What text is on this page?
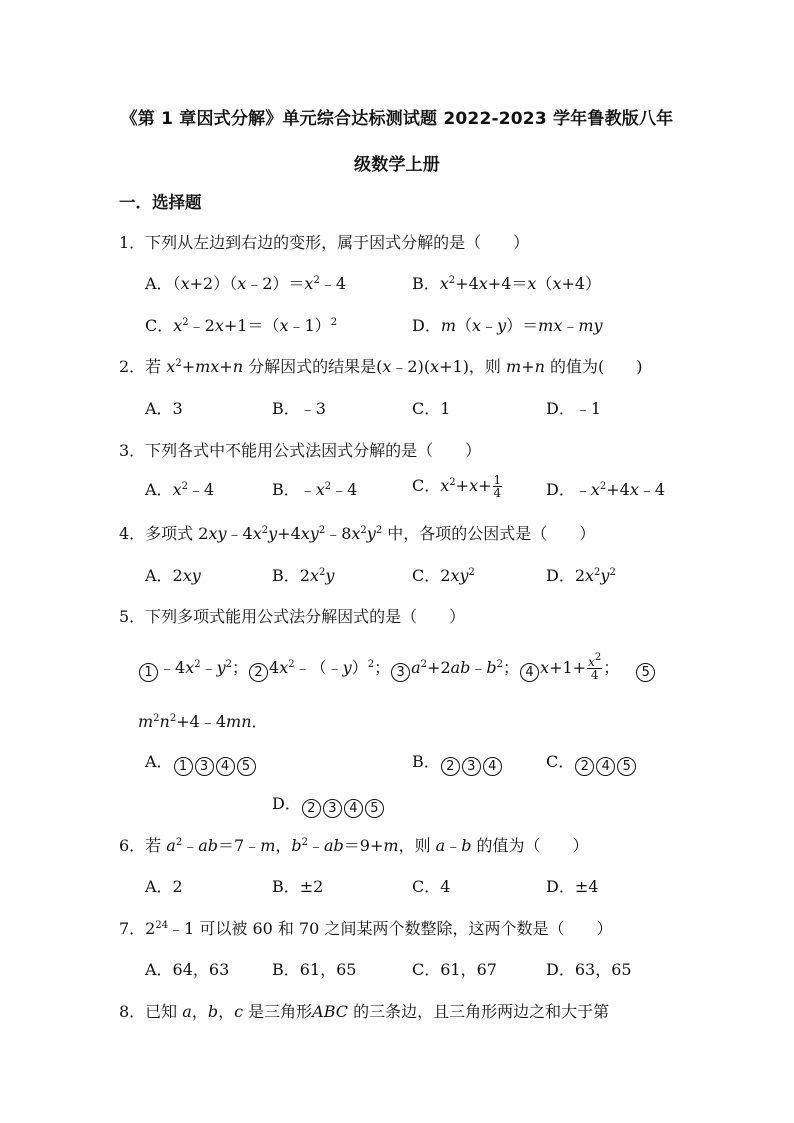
《第 1 章因式分解》单元综合达标测试题 2022-2023 学年鲁教版八年
级数学上册
一．选择题
1．下列从左边到右边的变形，属于因式分解的是（　　）
A．$(x+2)(x﹣2)=x^2﹣4$	B．$x^2+4x+4=x(x+4)$
C．$x^2﹣2x+1=(x﹣1)^2$	D．m（x﹣y）＝mx﹣my
2．若 $x^2+mx+n$ 分解因式的结果是(x﹣2)(x+1)，则 m+n 的值为(　　)
A．3	B．﹣3	C．1	D．﹣1
3．下列各式中不能用公式法因式分解的是（　　）
A．$x^2﹣4$	B．$﹣x^2﹣4$	C．$x^2+x+ \frac{1}{4}$	D．$﹣x^2+4x﹣4$
4．多项式 $2xy﹣4x^2y+4xy^2﹣8x^2y^2$ 中，各项的公因式是（　　）
A．2xy	B．$2x^2y$	C．$2xy^2$	D．$2x^2y^2$
5．下列多项式能用公式法分解因式的是（　　）
1 $﹣4x^2﹣y^2$； 2 $4x^2﹣(﹣y)^2$； 3 $a^2+2ab﹣b^2$； 4 $x+1+ \frac{x^2}{4}$ ； 5
$m^2n^2+4﹣4mn$．
A． 1 3 4 5	B． 2 3 4	C． 2 4 5
D． 2 3 4 5
6．若 $a^2﹣ab=7﹣m$，$b^2﹣ab=9+m$，则 a﹣b 的值为（　　）
A．2	B．±2	C．4	D．±4
7．$2^{24}﹣1$ 可以被 60 和 70 之间某两个数整除，这两个数是（　　）
A．64，63	B．61，65	C．61，67	D．63，65
8．已知 a，b，c 是三角形ABC 的三条边，且三角形两边之和大于第
